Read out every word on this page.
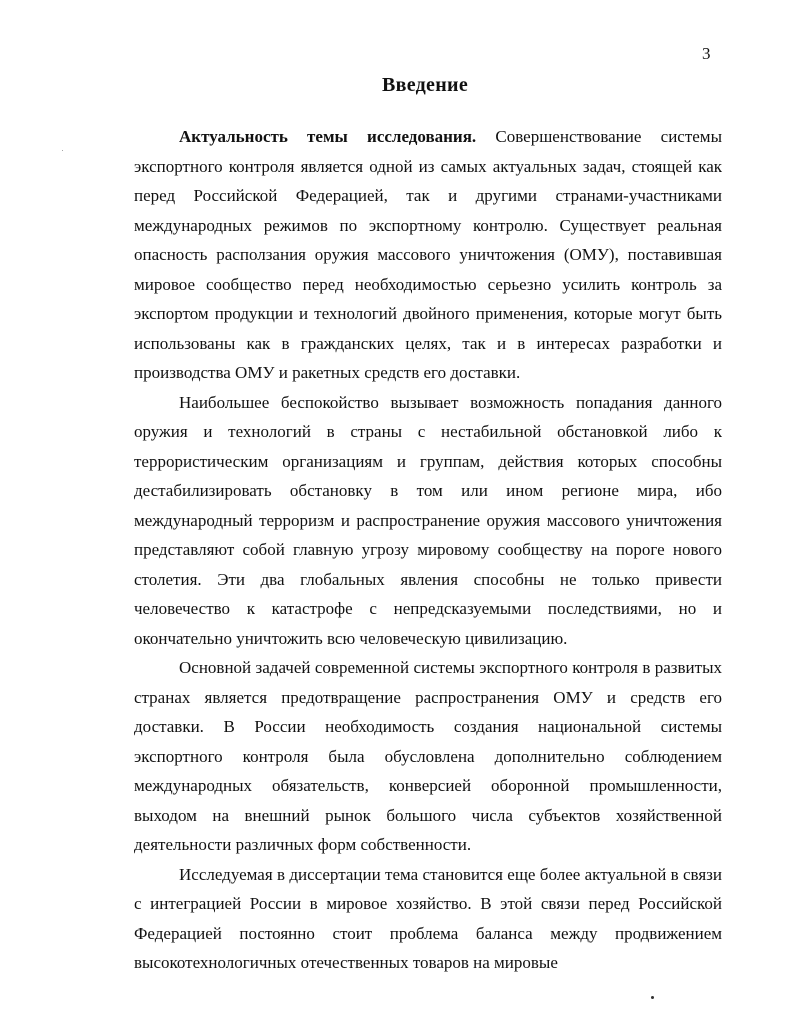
3
Введение

Актуальность темы исследования. Совершенствование системы экспортного контроля является одной из самых актуальных задач, стоящей как перед Российской Федерацией, так и другими странами-участниками международных режимов по экспортному контролю. Существует реальная опасность расползания оружия массового уничтожения (ОМУ), поставившая мировое сообщество перед необходимостью серьезно усилить контроль за экспортом продукции и технологий двойного применения, которые могут быть использованы как в гражданских целях, так и в интересах разработки и производства ОМУ и ракетных средств его доставки.

Наибольшее беспокойство вызывает возможность попадания данного оружия и технологий в страны с нестабильной обстановкой либо к террористическим организациям и группам, действия которых способны дестабилизировать обстановку в том или ином регионе мира, ибо международный терроризм и распространение оружия массового уничтожения представляют собой главную угрозу мировому сообществу на пороге нового столетия. Эти два глобальных явления способны не только привести человечество к катастрофе с непредсказуемыми последствиями, но и окончательно уничтожить всю человеческую цивилизацию.

Основной задачей современной системы экспортного контроля в развитых странах является предотвращение распространения ОМУ и средств его доставки. В России необходимость создания национальной системы экспортного контроля была обусловлена дополнительно соблюдением международных обязательств, конверсией оборонной промышленности, выходом на внешний рынок большого числа субъектов хозяйственной деятельности различных форм собственности.

Исследуемая в диссертации тема становится еще более актуальной в связи с интеграцией России в мировое хозяйство. В этой связи перед Российской Федерацией постоянно стоит проблема баланса между продвижением высокотехнологичных отечественных товаров на мировые
